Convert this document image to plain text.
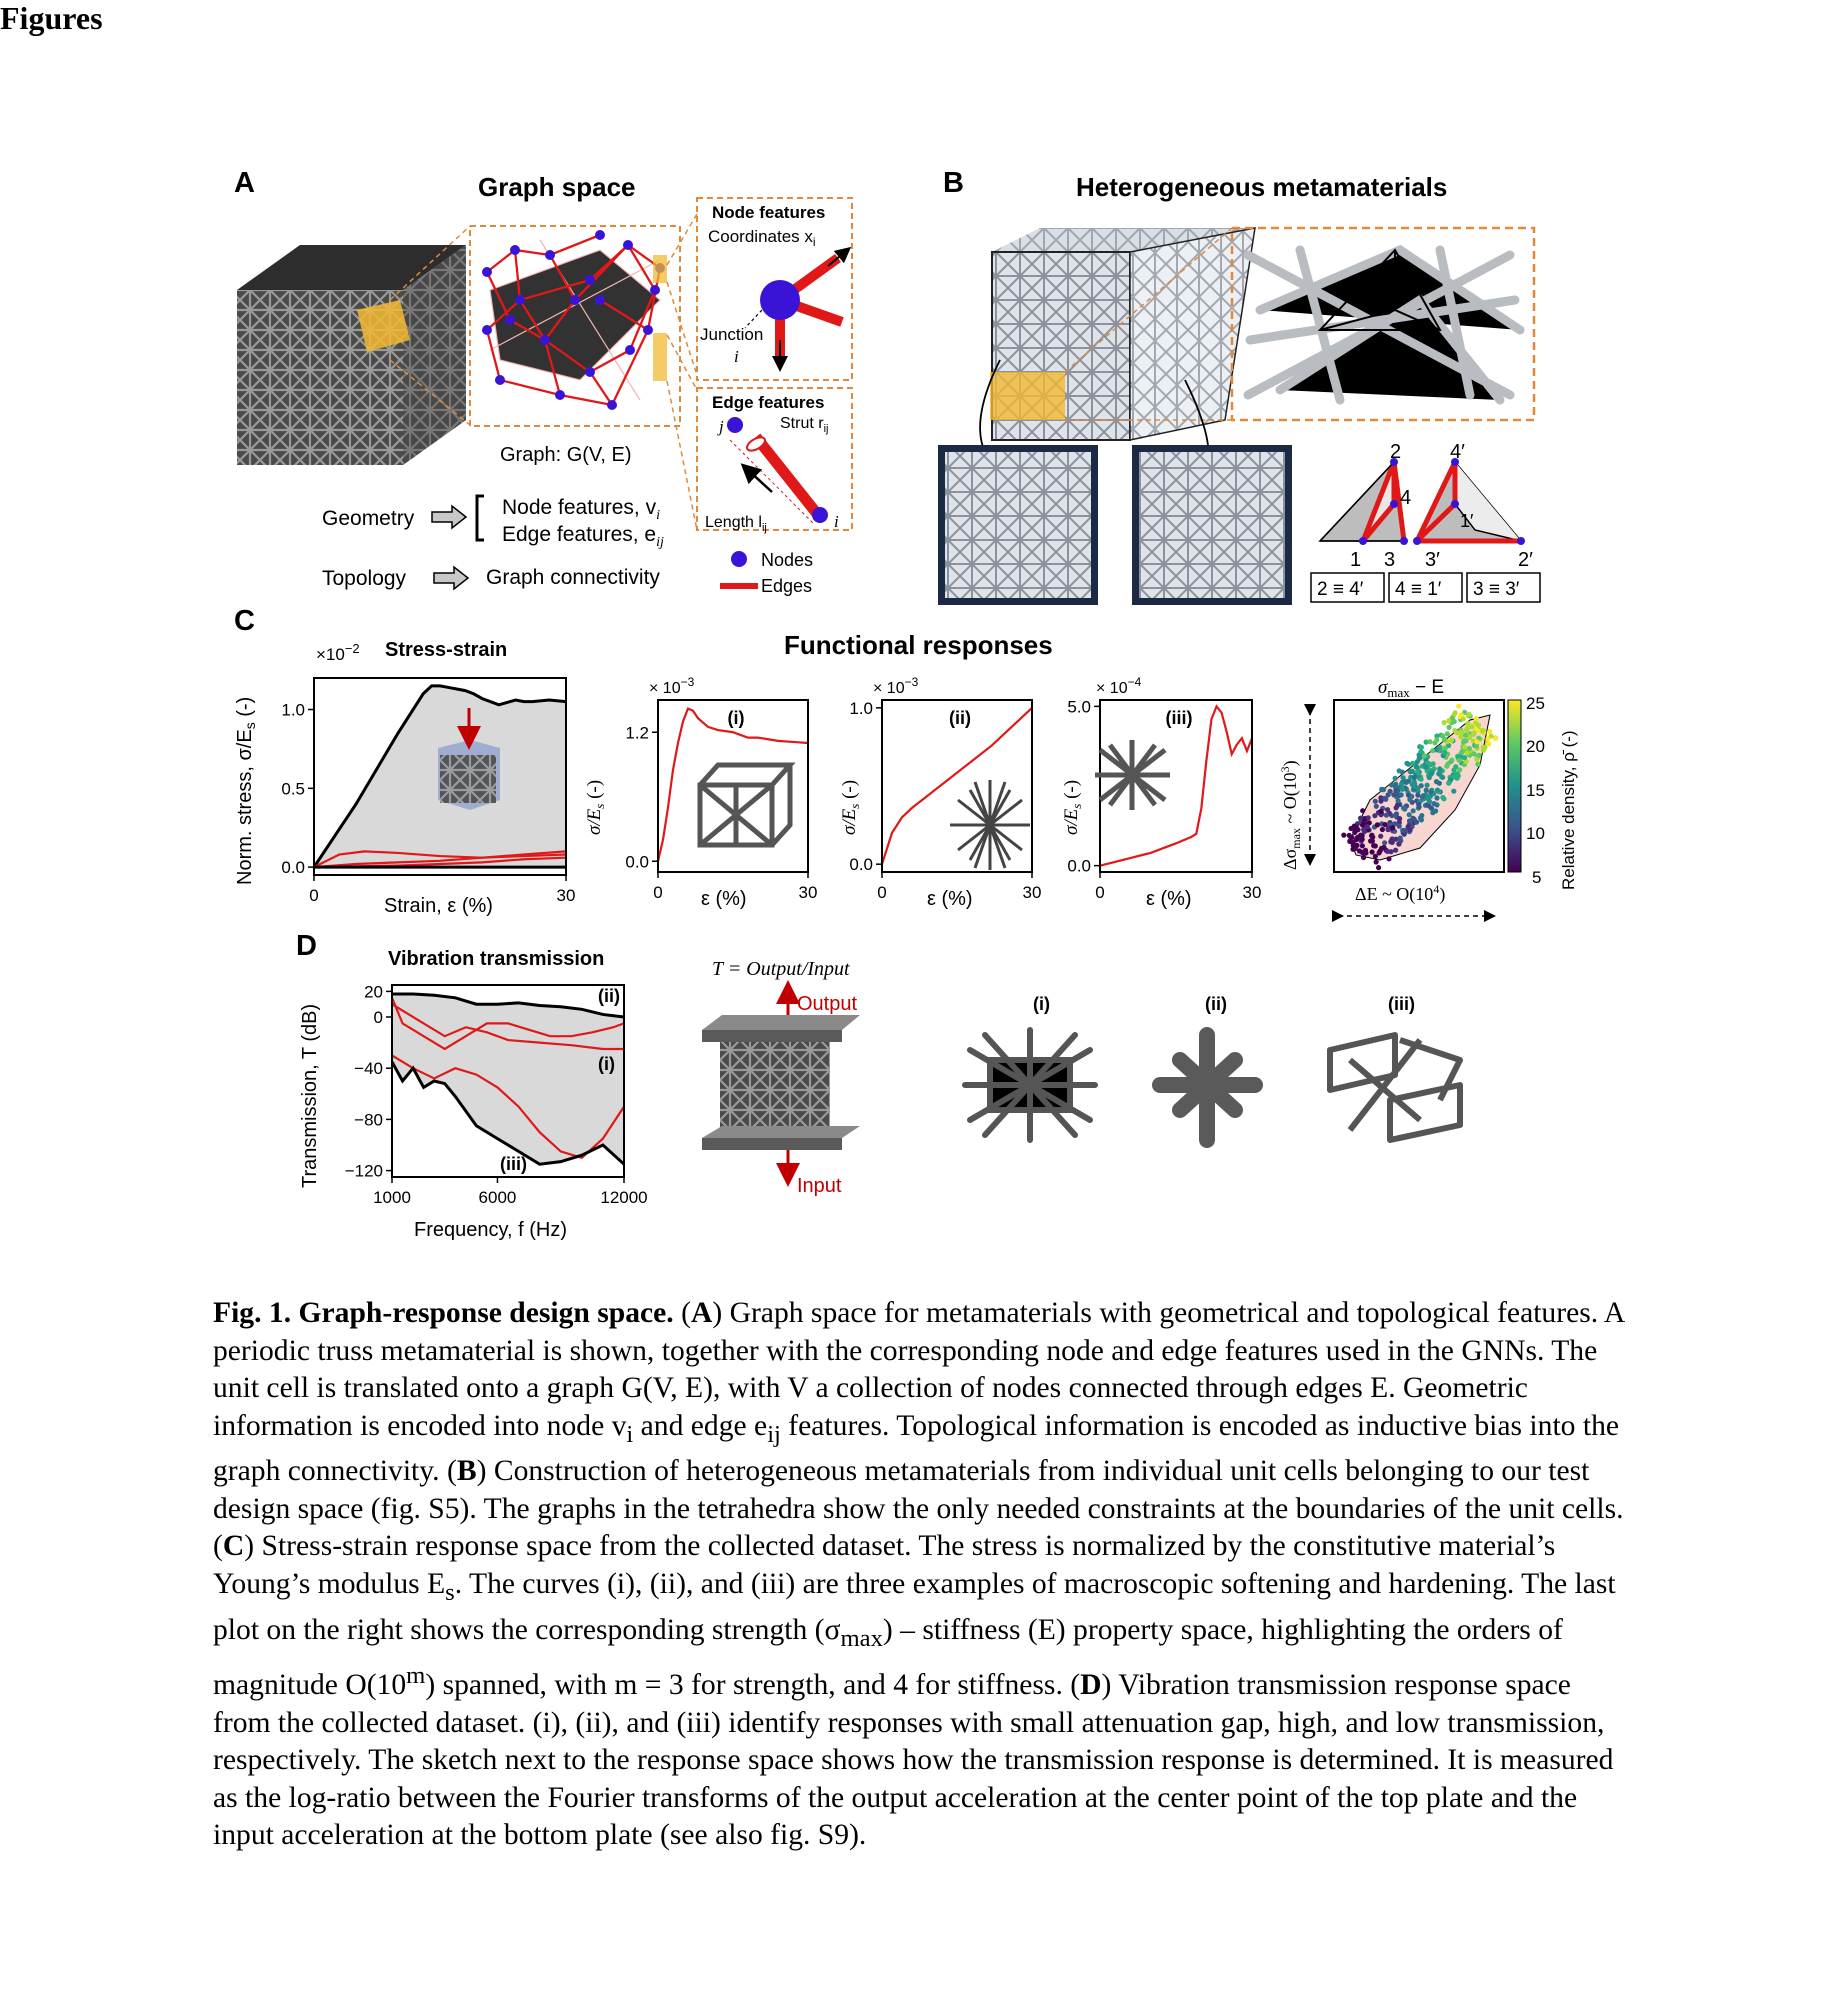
Figures
A	Graph space
Graph: G(V, E)
Node features
Coordinates $x_i$
Junction
i
Edge features
j	Strut $r_{ij}$
Length $l_{ij}$	i
Nodes
Edges
Geometry	Node features, $v_i$
Edge features, $e_{ij}$
Topology	Graph connectivity
B	Heterogeneous metamaterials
2 4′
4
1′
1 3 3′	2′
2 ≡ 4′ 4 ≡ 1′ 3 ≡ 3′
C
Functional responses
$\times 10^{-2}$ Stress-strain
Norm. stress, $\sigma/E_s$ (-)
Strain, ε (%)
0	30
0.0
0.5
1.0
× $10^{-3}$
$\sigma/E_s$ (-)
ε (%)
0	30
0.0
1.2
(i)
× $10^{-3}$
$\sigma/E_s$ (-)
ε (%)
0	30
0.0
1.0	(ii)
× $10^{-4}$
$\sigma/E_s$ (-)
ε (%)
0	30
0.0
5.0
(iii)
$\sigma_{max} - E$
25
20
15
10
5 Relative density, ρ̄ (-)
$\Delta\sigma_{max}$ ~ $O(10^3)$
ΔE ~ $O(10^4)$
D	Vibration transmission
Transmission, T (dB)
Frequency, f (Hz)
1000	6000	12000
20
0
−40
−80
−120
(ii)
(i)
(iii)
T = Output/Input
Output
Input
(i)	(ii)	(iii)
Fig. 1. Graph-response design space. (A) Graph space for metamaterials with geometrical and topological features. A periodic truss metamaterial is shown, together with the corresponding node and edge features used in the GNNs. The unit cell is translated onto a graph G(V, E), with V a collection of nodes connected through edges E. Geometric information is encoded into node $v_i$ and edge $e_{ij}$ features. Topological information is encoded as inductive bias into the graph connectivity. (B) Construction of heterogeneous metamaterials from individual unit cells belonging to our test design space (fig. S5). The graphs in the tetrahedra show the only needed constraints at the boundaries of the unit cells. (C) Stress-strain response space from the collected dataset. The stress is normalized by the constitutive material’s Young’s modulus $E_s$. The curves (i), (ii), and (iii) are three examples of macroscopic softening and hardening. The last plot on the right shows the corresponding strength $(\sigma_{max})$ – stiffness (E) property space, highlighting the orders of magnitude O(10$^m$) spanned, with m = 3 for strength, and 4 for stiffness. (D) Vibration transmission response space from the collected dataset. (i), (ii), and (iii) identify responses with small attenuation gap, high, and low transmission, respectively. The sketch next to the response space shows how the transmission response is determined. It is measured as the log-ratio between the Fourier transforms of the output acceleration at the center point of the top plate and the input acceleration at the bottom plate (see also fig. S9).
